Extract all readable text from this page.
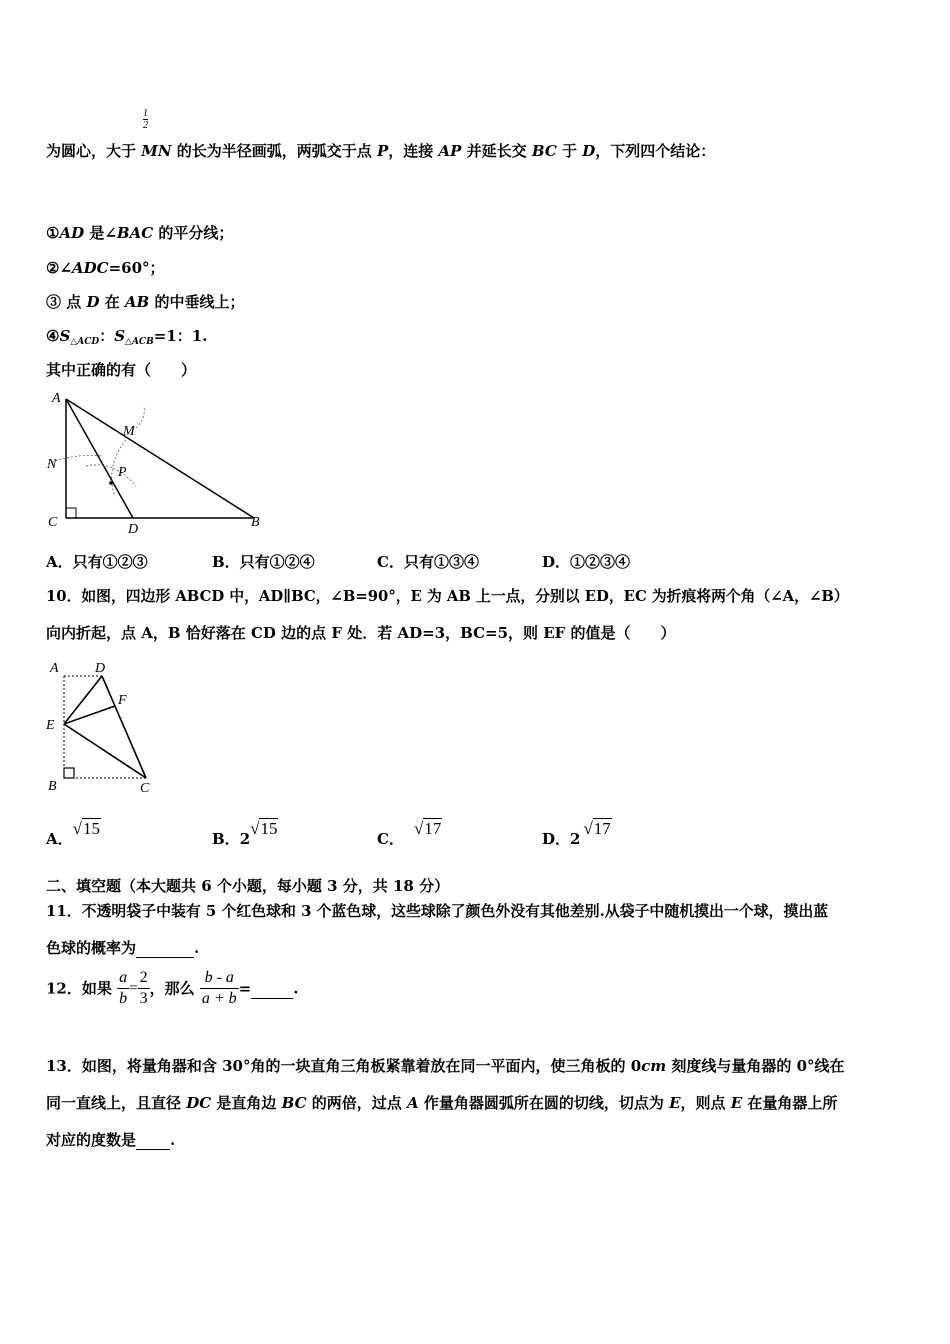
$\frac{1}{2}$
为圆心，大于 MN 的长为半径画弧，两弧交于点 P，连接 AP 并延长交 BC 于 D，下列四个结论：
①AD 是∠BAC 的平分线；
②∠ADC=60°；
③ 点 D 在 AB 的中垂线上；
$④S_{\triangle ACD}$：$S_{\triangle ACB}=1$：1.
其中正确的有（　　）
A
M
N
P
C	D	B
A．只有①②③	B．只有①②④	C．只有①③④	D．①②③④
10．如图，四边形 ABCD 中，AD∥BC，∠B=90°，E 为 AB 上一点，分别以 ED，EC 为折痕将两个角（∠A，∠B）
向内折起，点 A，B 恰好落在 CD 边的点 F 处．若 AD=3，BC=5，则 EF 的值是（　　）
A	D
F
E
B	C
A．√15
B．2√15
C．√17
D．2√17
二、填空题（本大题共 6 个小题，每小题 3 分，共 18 分）
11．不透明袋子中装有 5 个红色球和 3 个蓝色球，这些球除了颜色外没有其他差别.从袋子中随机摸出一个球，摸出蓝
色球的概率为	.
12．如果 $\frac{a}{b} = \frac{2}{3}$ ，那么 $\frac{b - a}{a + b}$ =	.
13．如图，将量角器和含 30°角的一块直角三角板紧靠着放在同一平面内，使三角板的 0cm 刻度线与量角器的 0°线在
同一直线上，且直径 DC 是直角边 BC 的两倍，过点 A 作量角器圆弧所在圆的切线，切点为 E，则点 E 在量角器上所
对应的度数是 .
